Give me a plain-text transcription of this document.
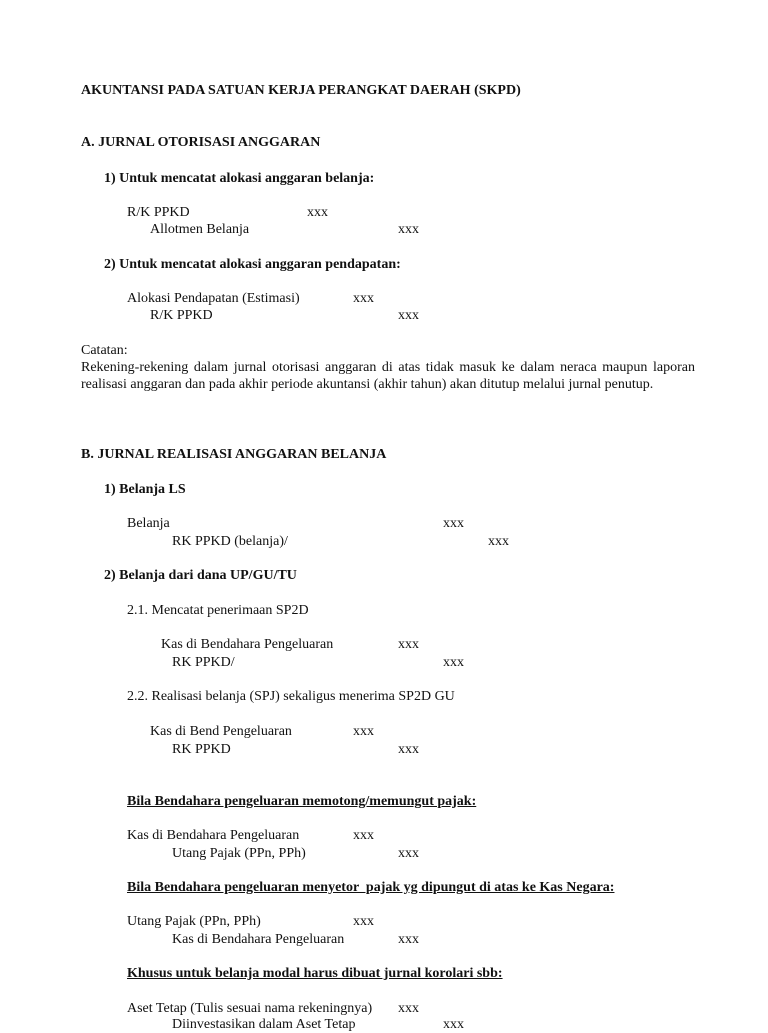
AKUNTANSI PADA SATUAN KERJA PERANGKAT DAERAH (SKPD)
A. JURNAL OTORISASI ANGGARAN
1) Untuk mencatat alokasi anggaran belanja:
R/K PPKD	xxx
Allotmen Belanja	xxx
2) Untuk mencatat alokasi anggaran pendapatan:
Alokasi Pendapatan (Estimasi)	xxx
R/K PPKD	xxx
Catatan:
Rekening-rekening dalam jurnal otorisasi anggaran di atas tidak masuk ke dalam neraca maupun laporan realisasi anggaran dan pada akhir periode akuntansi (akhir tahun) akan ditutup melalui jurnal penutup.
B. JURNAL REALISASI ANGGARAN BELANJA
1) Belanja LS
Belanja	xxx
RK PPKD (belanja)/	xxx
2) Belanja dari dana UP/GU/TU
2.1. Mencatat penerimaan SP2D
Kas di Bendahara Pengeluaran	xxx
RK PPKD/	xxx
2.2. Realisasi belanja (SPJ) sekaligus menerima SP2D GU
Kas di Bend Pengeluaran	xxx
RK PPKD	xxx
Bila Bendahara pengeluaran memotong/memungut pajak:
Kas di Bendahara Pengeluaran	xxx
Utang Pajak (PPn, PPh)	xxx
Bila Bendahara pengeluaran menyetor  pajak yg dipungut di atas ke Kas Negara:
Utang Pajak (PPn, PPh)	xxx
Kas di Bendahara Pengeluaran	xxx
Khusus untuk belanja modal harus dibuat jurnal korolari sbb:
Aset Tetap (Tulis sesuai nama rekeningnya) xxx
Diinvestasikan dalam Aset Tetap	xxx
